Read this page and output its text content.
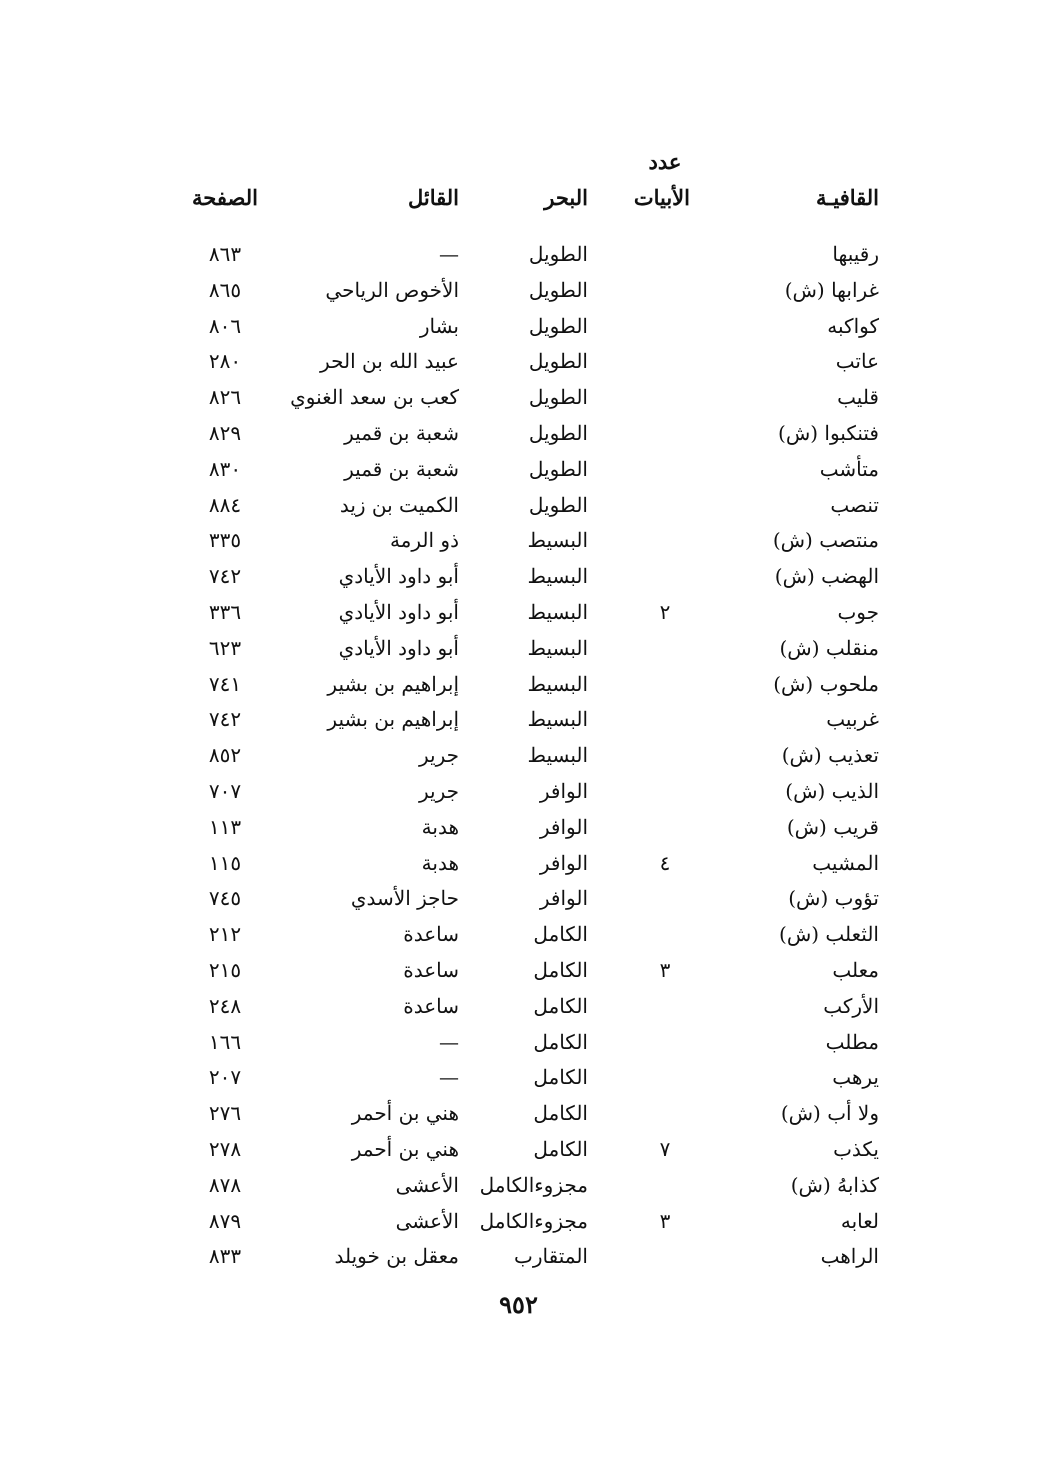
عدد
القافيـة
الأبيات
البحر
القائل
الصفحة
رقيبها
الطويل
—
٨٦٣
غرابها (ش)
الطويل
الأخوص الرياحي
٨٦٥
كواكبه
الطويل
بشار
٨٠٦
عاتب
الطويل
عبيد الله بن الحر
٢٨٠
قليب
الطويل
كعب بن سعد الغنوي
٨٢٦
فتنكبوا (ش)
الطويل
شعبة بن قمير
٨٢٩
متأشب
الطويل
شعبة بن قمير
٨٣٠
تنصب
الطويل
الكميت بن زيد
٨٨٤
منتصب (ش)
البسيط
ذو الرمة
٣٣٥
الهضب (ش)
البسيط
أبو داود الأيادي
٧٤٢
جوب
٢
البسيط
أبو داود الأيادي
٣٣٦
منقلب (ش)
البسيط
أبو داود الأيادي
٦٢٣
ملحوب (ش)
البسيط
إبراهيم بن بشير
٧٤١
غربيب
البسيط
إبراهيم بن بشير
٧٤٢
تعذيب (ش)
البسيط
جرير
٨٥٢
الذيب (ش)
الوافر
جرير
٧٠٧
قريب (ش)
الوافر
هدبة
١١٣
المشيب
٤
الوافر
هدبة
١١٥
تؤوب (ش)
الوافر
حاجز الأسدي
٧٤٥
الثعلب (ش)
الكامل
ساعدة
٢١٢
معلب
٣
الكامل
ساعدة
٢١٥
الأركب
الكامل
ساعدة
٢٤٨
مطلب
الكامل
—
١٦٦
يرهب
الكامل
—
٢٠٧
ولا أب (ش)
الكامل
هني بن أحمر
٢٧٦
يكذب
٧
الكامل
هني بن أحمر
٢٧٨
كذابهُ (ش)
مجزوءالكامل
الأعشى
٨٧٨
لعابه
٣
مجزوءالكامل
الأعشى
٨٧٩
الراهب
المتقارب
معقل بن خويلد
٨٣٣
٩٥٢
